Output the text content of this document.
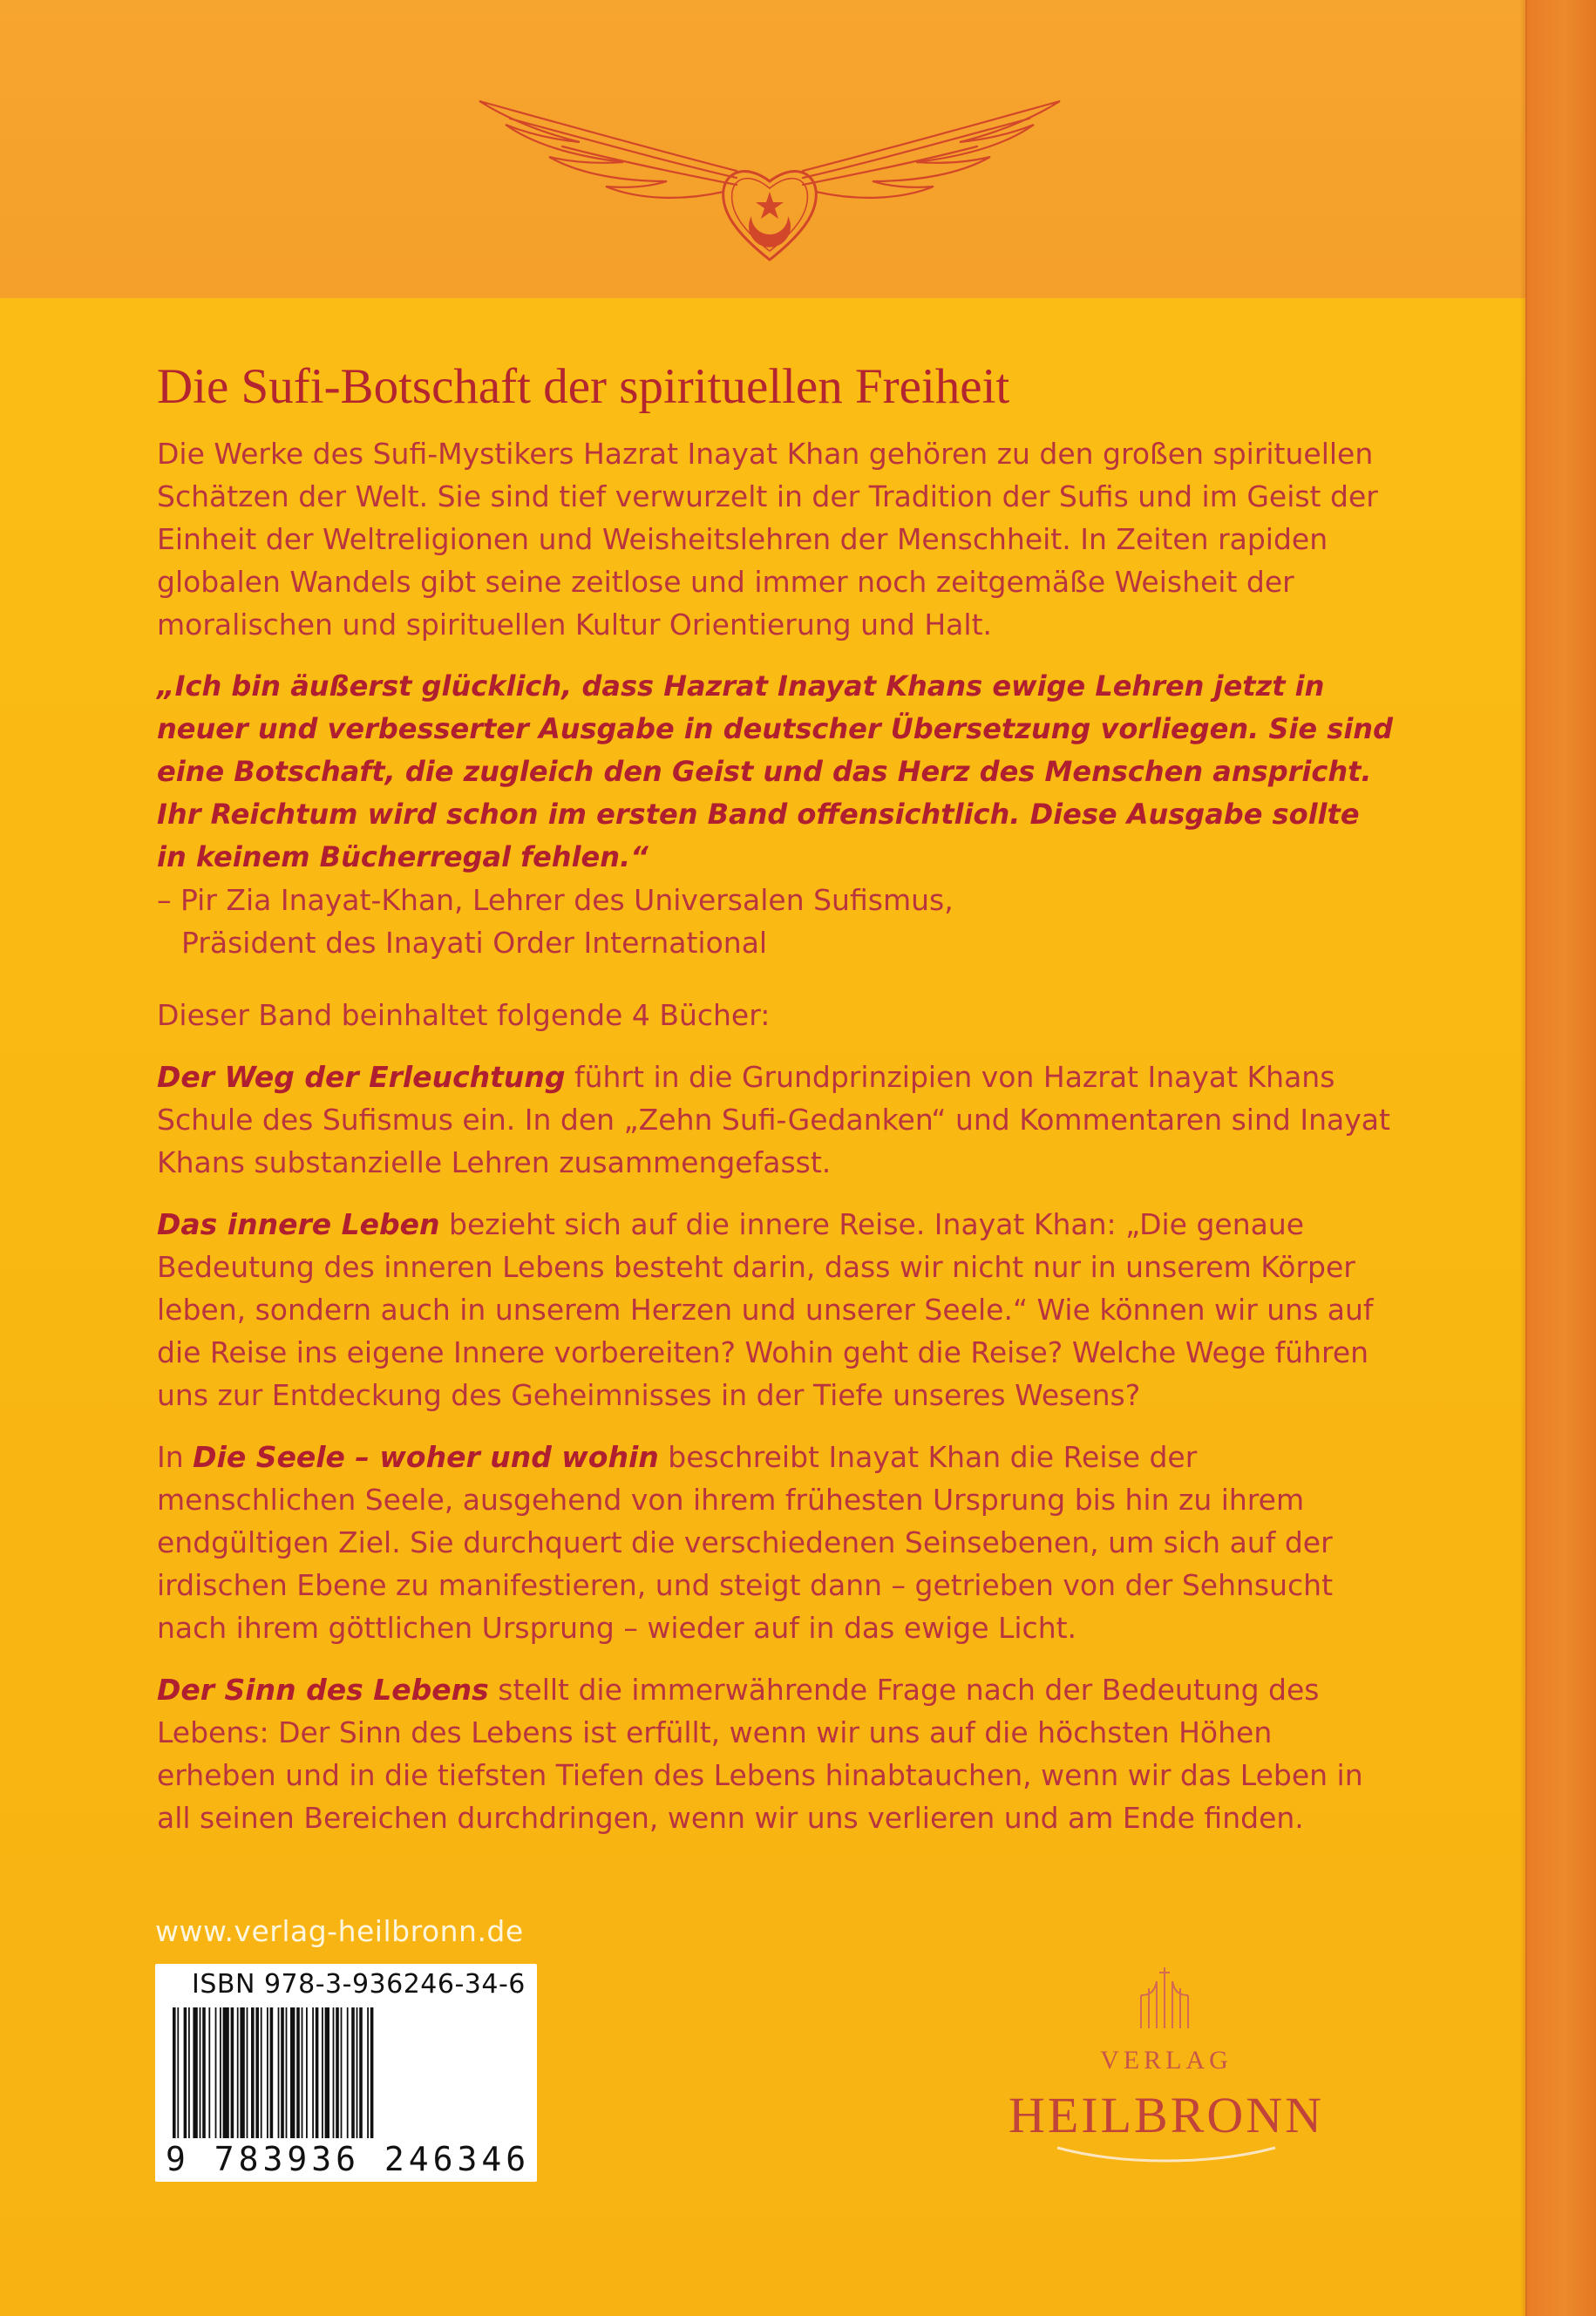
Die Sufi-Botschaft der spirituellen Freiheit

Die Werke des Sufi-Mystikers Hazrat Inayat Khan gehören zu den großen spirituellen Schätzen der Welt. Sie sind tief verwurzelt in der Tradition der Sufis und im Geist der Einheit der Weltreligionen und Weisheitslehren der Menschheit. In Zeiten rapiden globalen Wandels gibt seine zeitlose und immer noch zeitgemäße Weisheit der moralischen und spirituellen Kultur Orientierung und Halt.

„Ich bin äußerst glücklich, dass Hazrat Inayat Khans ewige Lehren jetzt in neuer und verbesserter Ausgabe in deutscher Übersetzung vorliegen. Sie sind eine Botschaft, die zugleich den Geist und das Herz des Menschen anspricht. Ihr Reichtum wird schon im ersten Band offensichtlich. Diese Ausgabe sollte in keinem Bücherregal fehlen.“

– Pir Zia Inayat-Khan, Lehrer des Universalen Sufismus,
Präsident des Inayati Order International

Dieser Band beinhaltet folgende 4 Bücher:

Der Weg der Erleuchtung führt in die Grundprinzipien von Hazrat Inayat Khans Schule des Sufismus ein. In den „Zehn Sufi-Gedanken“ und Kommentaren sind Inayat Khans substanzielle Lehren zusammengefasst.

Das innere Leben bezieht sich auf die innere Reise. Inayat Khan: „Die genaue Bedeutung des inneren Lebens besteht darin, dass wir nicht nur in unserem Körper leben, sondern auch in unserem Herzen und unserer Seele.“ Wie können wir uns auf die Reise ins eigene Innere vorbereiten? Wohin geht die Reise? Welche Wege führen uns zur Entdeckung des Geheimnisses in der Tiefe unseres Wesens?

In Die Seele – woher und wohin beschreibt Inayat Khan die Reise der menschlichen Seele, ausgehend von ihrem frühesten Ursprung bis hin zu ihrem endgültigen Ziel. Sie durchquert die verschiedenen Seinsebenen, um sich auf der irdischen Ebene zu manifestieren, und steigt dann – getrieben von der Sehnsucht nach ihrem göttlichen Ursprung – wieder auf in das ewige Licht.

Der Sinn des Lebens stellt die immerwährende Frage nach der Bedeutung des Lebens: Der Sinn des Lebens ist erfüllt, wenn wir uns auf die höchsten Höhen erheben und in die tiefsten Tiefen des Lebens hinabtauchen, wenn wir das Leben in all seinen Bereichen durchdringen, wenn wir uns verlieren und am Ende finden.

www.verlag-heilbronn.de
ISBN 978-3-936246-34-6
9 783936 246346
VERLAG
HEILBRONN
